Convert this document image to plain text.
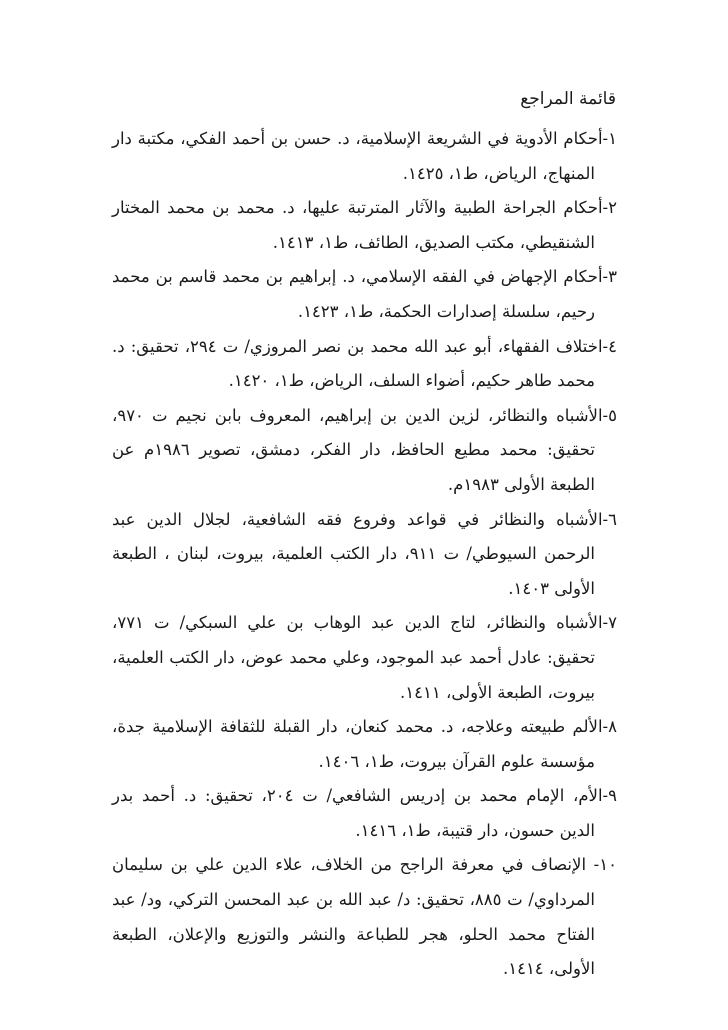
قائمة المراجع
١-أحكام الأدوية في الشريعة الإسلامية، د. حسن بن أحمد الفكي، مكتبة دار المنهاج، الرياض، ط١، ١٤٢٥.
٢-أحكام الجراحة الطبية والآثار المترتبة عليها، د. محمد بن محمد المختار الشنقيطي، مكتب الصديق، الطائف، ط١، ١٤١٣.
٣-أحكام الإجهاض في الفقه الإسلامي، د. إبراهيم بن محمد قاسم بن محمد رحيم، سلسلة إصدارات الحكمة، ط١، ١٤٢٣.
٤-اختلاف الفقهاء، أبو عبد الله محمد بن نصر المروزي/ ت ٢٩٤، تحقيق: د. محمد طاهر حكيم، أضواء السلف، الرياض، ط١، ١٤٢٠.
٥-الأشباه والنظائر، لزين الدين بن إبراهيم، المعروف بابن نجيم ت ٩٧٠، تحقيق: محمد مطيع الحافظ، دار الفكر، دمشق، تصوير ١٩٨٦م عن الطبعة الأولى ١٩٨٣م.
٦-الأشباه والنظائر في قواعد وفروع فقه الشافعية، لجلال الدين عبد الرحمن السيوطي/ ت ٩١١، دار الكتب العلمية، بيروت، لبنان ، الطبعة الأولى ١٤٠٣.
٧-الأشباه والنظائر، لتاج الدين عبد الوهاب بن علي السبكي/ ت ٧٧١، تحقيق: عادل أحمد عبد الموجود، وعلي محمد عوض، دار الكتب العلمية، بيروت، الطبعة الأولى، ١٤١١.
٨-الألم طبيعته وعلاجه، د. محمد كنعان، دار القبلة للثقافة الإسلامية جدة، مؤسسة علوم القرآن بيروت، ط١، ١٤٠٦.
٩-الأم، الإمام محمد بن إدريس الشافعي/ ت ٢٠٤، تحقيق: د. أحمد بدر الدين حسون، دار قتيبة، ط١، ١٤١٦.
١٠- الإنصاف في معرفة الراجح من الخلاف، علاء الدين علي بن سليمان المرداوي/ ت ٨٨٥، تحقيق: د/ عبد الله بن عبد المحسن التركي، ود/ عبد الفتاح محمد الحلو، هجر للطباعة والنشر والتوزيع والإعلان، الطبعة الأولى، ١٤١٤.
